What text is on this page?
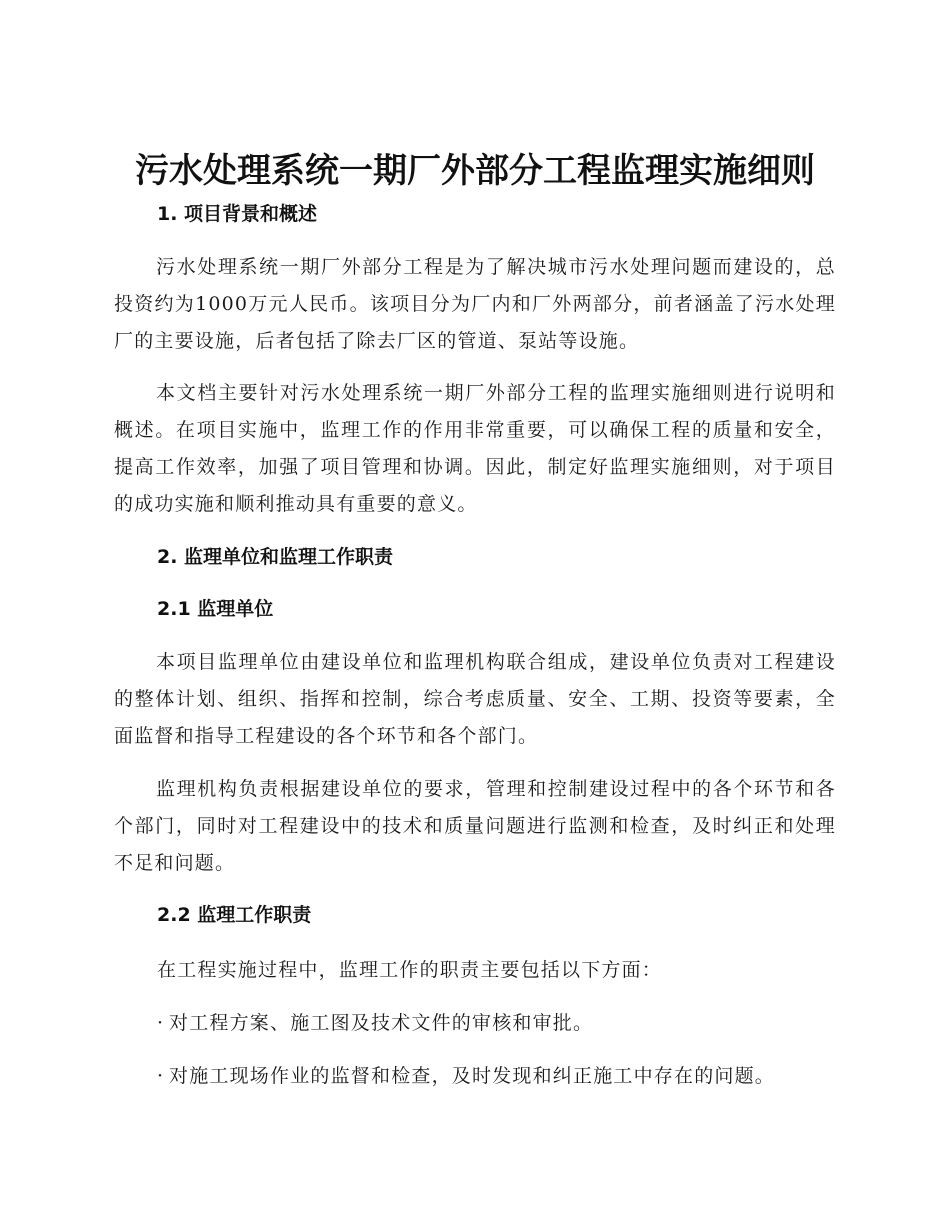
污水处理系统一期厂外部分工程监理实施细则
1. 项目背景和概述

污水处理系统一期厂外部分工程是为了解决城市污水处理问题而建设的，总投资约为1000万元人民币。该项目分为厂内和厂外两部分，前者涵盖了污水处理厂的主要设施，后者包括了除去厂区的管道、泵站等设施。

本文档主要针对污水处理系统一期厂外部分工程的监理实施细则进行说明和概述。在项目实施中，监理工作的作用非常重要，可以确保工程的质量和安全，提高工作效率，加强了项目管理和协调。因此，制定好监理实施细则，对于项目的成功实施和顺利推动具有重要的意义。

2. 监理单位和监理工作职责
2.1 监理单位

本项目监理单位由建设单位和监理机构联合组成，建设单位负责对工程建设的整体计划、组织、指挥和控制，综合考虑质量、安全、工期、投资等要素，全面监督和指导工程建设的各个环节和各个部门。

监理机构负责根据建设单位的要求，管理和控制建设过程中的各个环节和各个部门，同时对工程建设中的技术和质量问题进行监测和检查，及时纠正和处理不足和问题。

2.2 监理工作职责

在工程实施过程中，监理工作的职责主要包括以下方面：

· 对工程方案、施工图及技术文件的审核和审批。

· 对施工现场作业的监督和检查，及时发现和纠正施工中存在的问题。
